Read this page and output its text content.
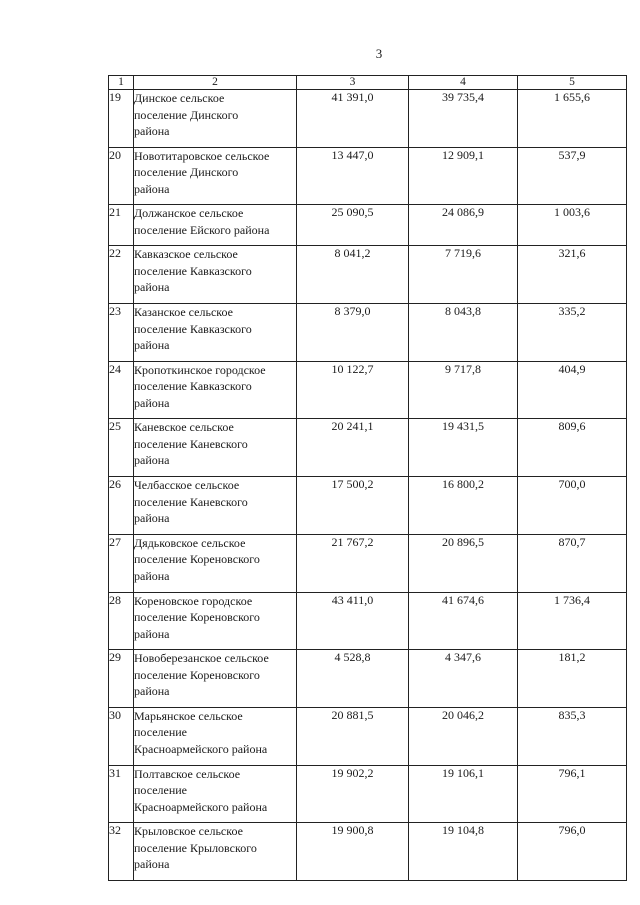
3
1	2	3	4	5
19	Динское сельское
поселение Динского
района	41 391,0	39 735,4	1 655,6
20	Новотитаровское сельское
поселение Динского
района	13 447,0	12 909,1	537,9
21	Должанское сельское
поселение Ейского района	25 090,5	24 086,9	1 003,6
22	Кавказское сельское
поселение Кавказского
района	8 041,2	7 719,6	321,6
23	Казанское сельское
поселение Кавказского
района	8 379,0	8 043,8	335,2
24	Кропоткинское городское
поселение Кавказского
района	10 122,7	9 717,8	404,9
25	Каневское сельское
поселение Каневского
района	20 241,1	19 431,5	809,6
26	Челбасское сельское
поселение Каневского
района	17 500,2	16 800,2	700,0
27	Дядьковское сельское
поселение Кореновского
района	21 767,2	20 896,5	870,7
28	Кореновское городское
поселение Кореновского
района	43 411,0	41 674,6	1 736,4
29	Новоберезанское сельское
поселение Кореновского
района	4 528,8	4 347,6	181,2
30	Марьянское сельское
поселение
Красноармейского района	20 881,5	20 046,2	835,3
31	Полтавское сельское
поселение
Красноармейского района	19 902,2	19 106,1	796,1
32	Крыловское сельское
поселение Крыловского
района	19 900,8	19 104,8	796,0
